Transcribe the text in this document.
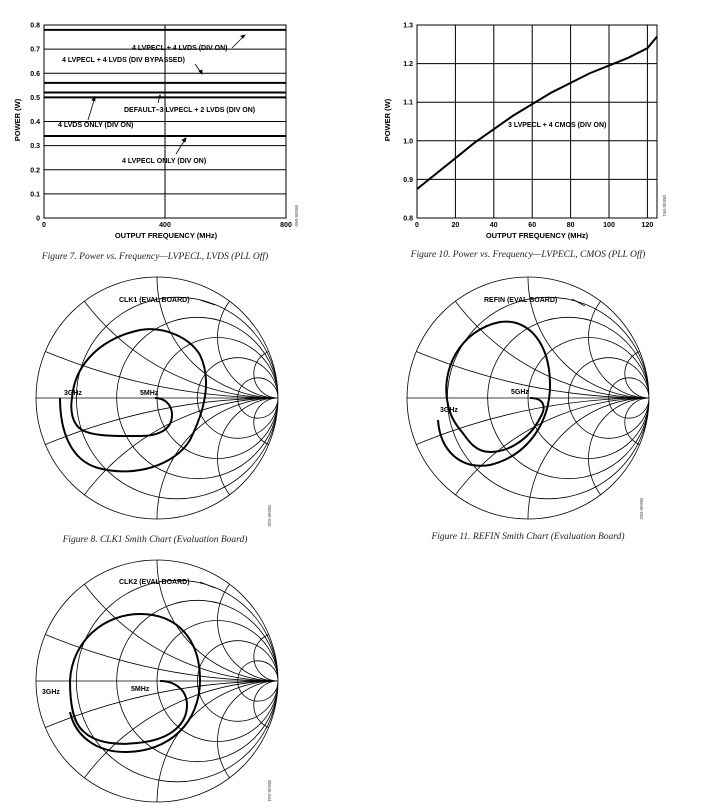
0
0.1
0.2
0.3
0.4
0.5
0.6
0.7
0.8
0	400	800
POWER (W)
OUTPUT FREQUENCY (MHz)
4 LVPECL + 4 LVDS (DIV ON)
4 LVPECL + 4 LVDS (DIV BYPASSED)
DEFAULT–3 LVPECL + 2 LVDS (DIV ON)
4 LVDS ONLY (DIV ON)
4 LVPECL ONLY (DIV ON)
05046-060
Figure 7. Power vs. Frequency—LVPECL, LVDS (PLL Off)
0.8
0.9
1.0
1.1
1.2
1.3
0	20	40	60	80	100	120
POWER (W)
OUTPUT FREQUENCY (MHz)
3 LVPECL + 4 CMOS (DIV ON)
05046-061
Figure 10. Power vs. Frequency—LVPECL, CMOS (PLL Off)
CLK1 (EVAL BOARD)
3GHz	5MHz
05046-043
Figure 8. CLK1 Smith Chart (Evaluation Board)
REFIN (EVAL BOARD)
5GHz
3GHz
05046-062
Figure 11. REFIN Smith Chart (Evaluation Board)
CLK2 (EVAL BOARD)
3GHz	5MHz
05046-044
